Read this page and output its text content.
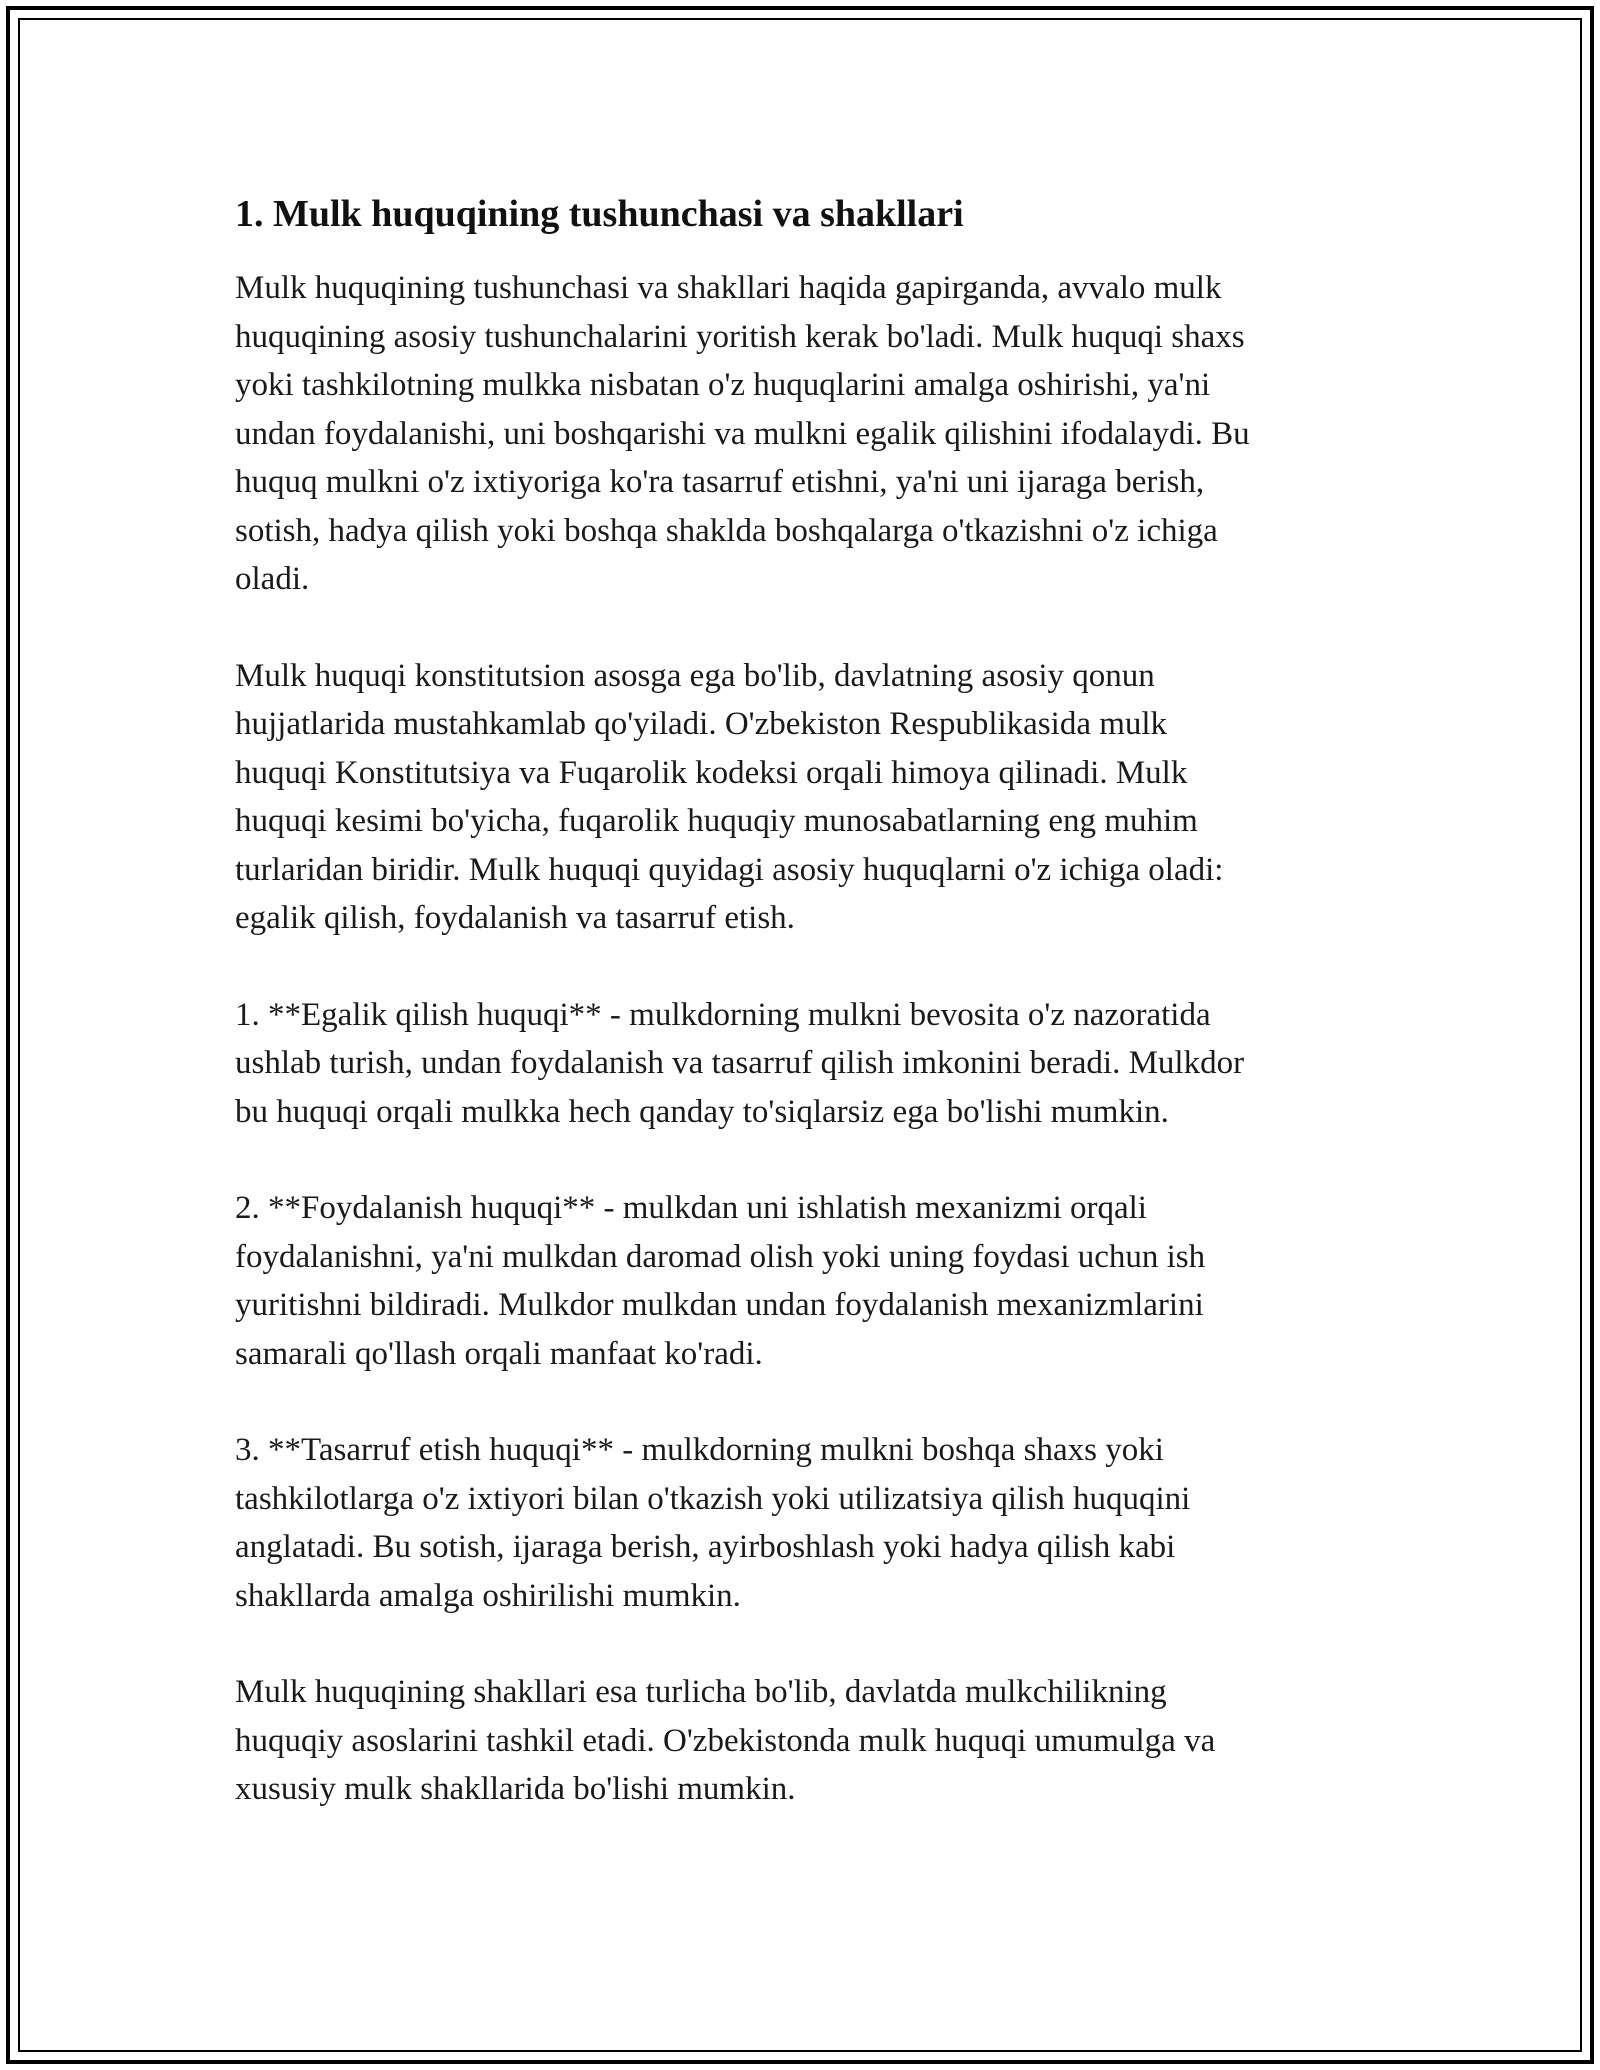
1. Mulk huquqining tushunchasi va shakllari

Mulk huquqining tushunchasi va shakllari haqida gapirganda, avvalo mulk
huquqining asosiy tushunchalarini yoritish kerak bo'ladi. Mulk huquqi shaxs
yoki tashkilotning mulkka nisbatan o'z huquqlarini amalga oshirishi, ya'ni
undan foydalanishi, uni boshqarishi va mulkni egalik qilishini ifodalaydi. Bu
huquq mulkni o'z ixtiyoriga ko'ra tasarruf etishni, ya'ni uni ijaraga berish,
sotish, hadya qilish yoki boshqa shaklda boshqalarga o'tkazishni o'z ichiga
oladi.

Mulk huquqi konstitutsion asosga ega bo'lib, davlatning asosiy qonun
hujjatlarida mustahkamlab qo'yiladi. O'zbekiston Respublikasida mulk
huquqi Konstitutsiya va Fuqarolik kodeksi orqali himoya qilinadi. Mulk
huquqi kesimi bo'yicha, fuqarolik huquqiy munosabatlarning eng muhim
turlaridan biridir. Mulk huquqi quyidagi asosiy huquqlarni o'z ichiga oladi:
egalik qilish, foydalanish va tasarruf etish.

1. **Egalik qilish huquqi** - mulkdorning mulkni bevosita o'z nazoratida
ushlab turish, undan foydalanish va tasarruf qilish imkonini beradi. Mulkdor
bu huquqi orqali mulkka hech qanday to'siqlarsiz ega bo'lishi mumkin.

2. **Foydalanish huquqi** - mulkdan uni ishlatish mexanizmi orqali
foydalanishni, ya'ni mulkdan daromad olish yoki uning foydasi uchun ish
yuritishni bildiradi. Mulkdor mulkdan undan foydalanish mexanizmlarini
samarali qo'llash orqali manfaat ko'radi.

3. **Tasarruf etish huquqi** - mulkdorning mulkni boshqa shaxs yoki
tashkilotlarga o'z ixtiyori bilan o'tkazish yoki utilizatsiya qilish huquqini
anglatadi. Bu sotish, ijaraga berish, ayirboshlash yoki hadya qilish kabi
shakllarda amalga oshirilishi mumkin.

Mulk huquqining shakllari esa turlicha bo'lib, davlatda mulkchilikning
huquqiy asoslarini tashkil etadi. O'zbekistonda mulk huquqi umumulga va
xususiy mulk shakllarida bo'lishi mumkin.
